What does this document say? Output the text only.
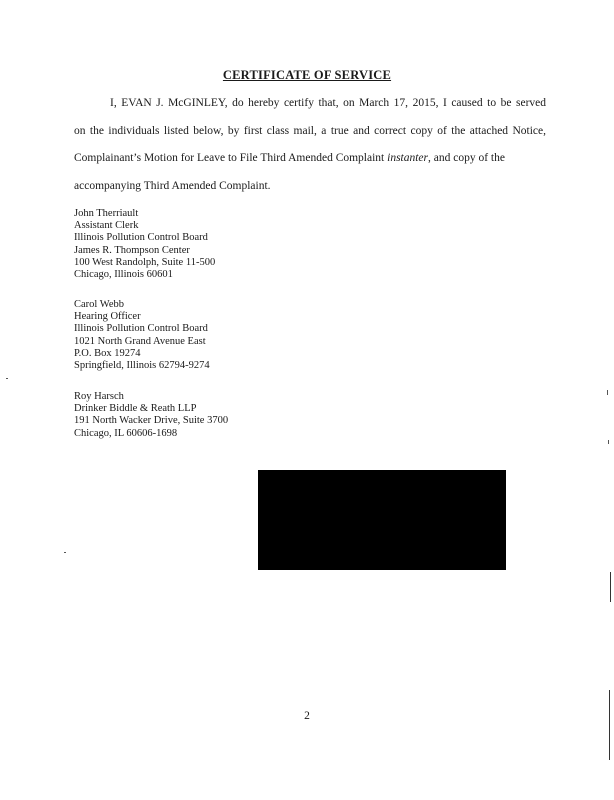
CERTIFICATE OF SERVICE
I, EVAN J. McGINLEY, do hereby certify that, on March 17, 2015, I caused to be served
on the individuals listed below, by first class mail, a true and correct copy of the attached Notice,
Complainant’s Motion for Leave to File Third Amended Complaint instanter, and copy of the
accompanying Third Amended Complaint.
John Therriault
Assistant Clerk
Illinois Pollution Control Board
James R. Thompson Center
100 West Randolph, Suite 11-500
Chicago, Illinois 60601
Carol Webb
Hearing Officer
Illinois Pollution Control Board
1021 North Grand Avenue East
P.O. Box 19274
Springfield, Illinois 62794-9274
Roy Harsch
Drinker Biddle & Reath LLP
191 North Wacker Drive, Suite 3700
Chicago, IL 60606-1698
2
